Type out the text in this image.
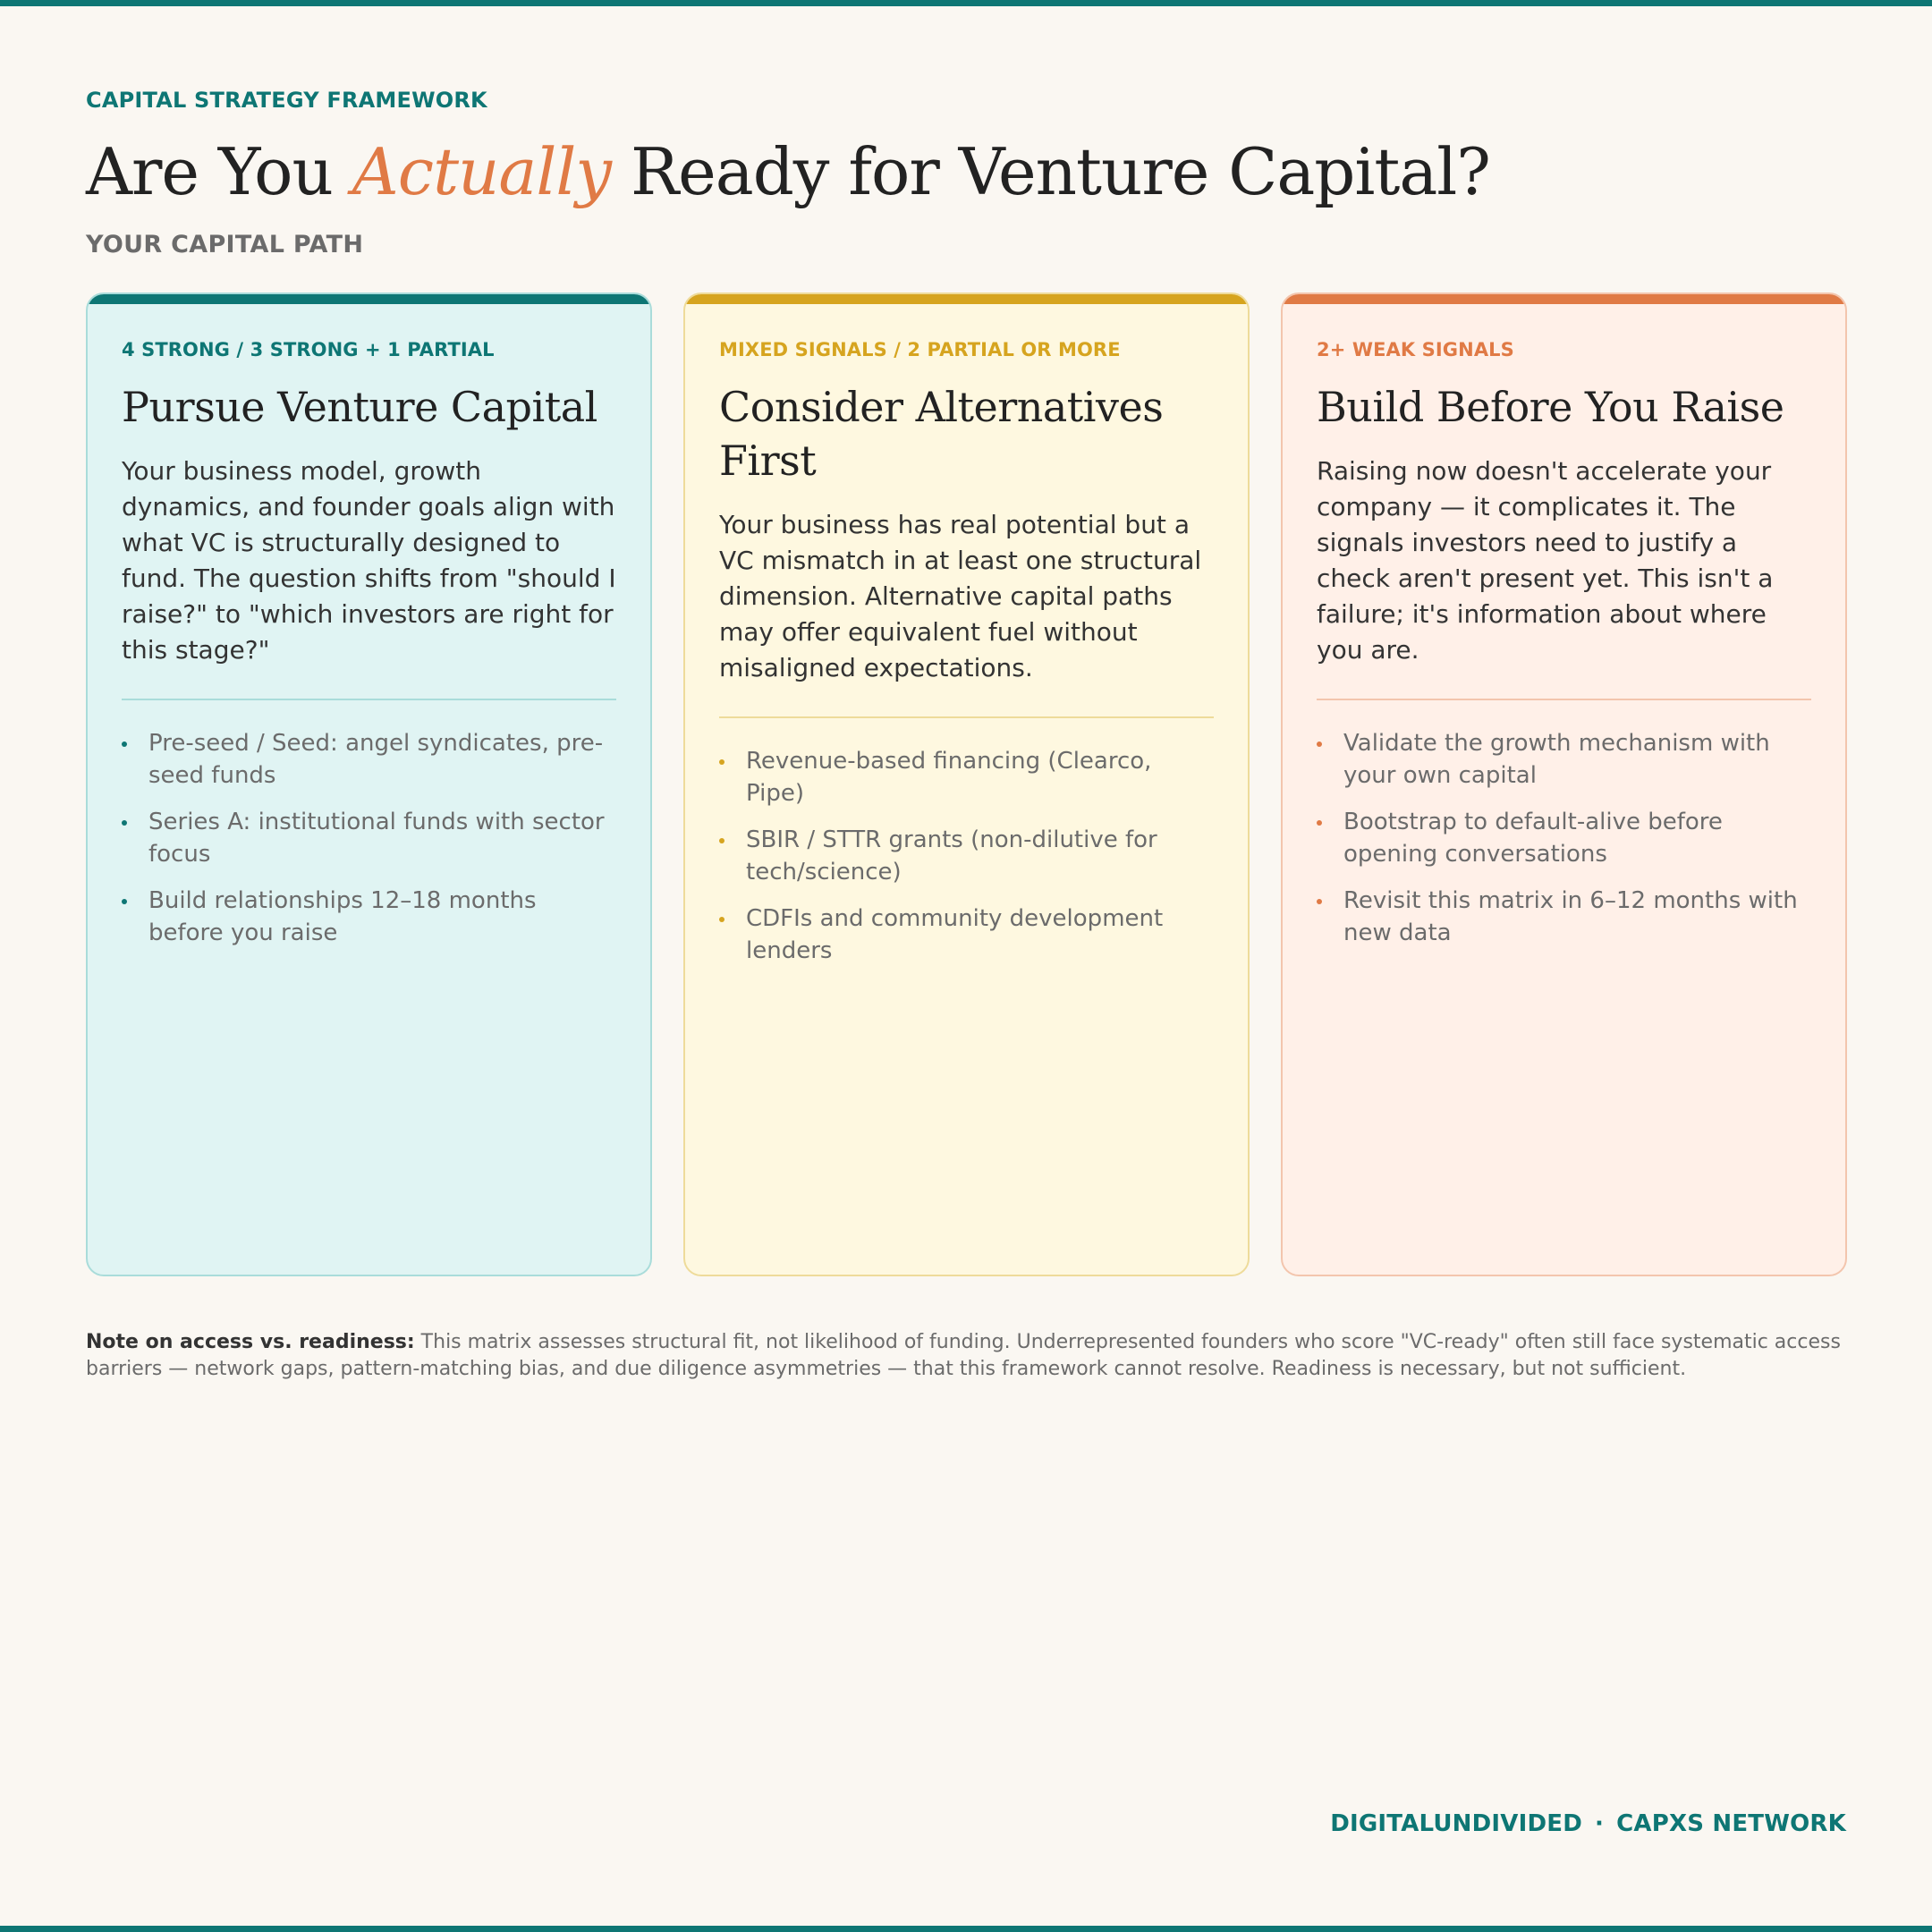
CAPITAL STRATEGY FRAMEWORK
Are You Actually Ready for Venture Capital?
YOUR CAPITAL PATH
4 STRONG / 3 STRONG + 1 PARTIAL
Pursue Venture Capital

Your business model, growth dynamics, and founder goals align with what VC is structurally designed to fund. The question shifts from "should I raise?" to "which investors are right for this stage?"

Pre-seed / Seed: angel syndicates, pre-seed funds
Series A: institutional funds with sector focus
Build relationships 12–18 months before you raise
MIXED SIGNALS / 2 PARTIAL OR MORE
Consider Alternatives First

Your business has real potential but a VC mismatch in at least one structural dimension. Alternative capital paths may offer equivalent fuel without misaligned expectations.

Revenue-based financing (Clearco, Pipe)
SBIR / STTR grants (non-dilutive for tech/science)
CDFIs and community development lenders
2+ WEAK SIGNALS
Build Before You Raise

Raising now doesn't accelerate your company — it complicates it. The signals investors need to justify a check aren't present yet. This isn't a failure; it's information about where you are.

Validate the growth mechanism with your own capital
Bootstrap to default-alive before opening conversations
Revisit this matrix in 6–12 months with new data

Note on access vs. readiness: This matrix assesses structural fit, not likelihood of funding. Underrepresented founders who score "VC-ready" often still face systematic access barriers — network gaps, pattern-matching bias, and due diligence asymmetries — that this framework cannot resolve. Readiness is necessary, but not sufficient.

DIGITALUNDIVIDED · CAPXS NETWORK
